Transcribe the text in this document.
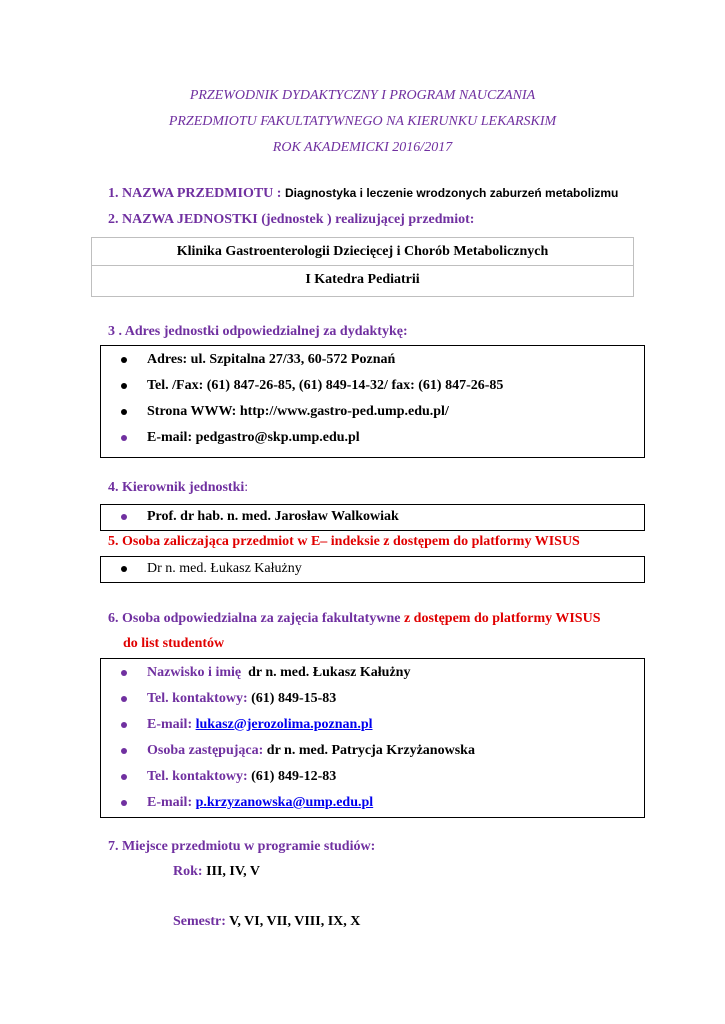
PRZEWODNIK DYDAKTYCZNY I PROGRAM NAUCZANIA
PRZEDMIOTU FAKULTATYWNEGO NA KIERUNKU LEKARSKIM
ROK AKADEMICKI 2016/2017
1. NAZWA PRZEDMIOTU : Diagnostyka i leczenie wrodzonych zaburzeń metabolizmu
2. NAZWA JEDNOSTKI (jednostek ) realizującej przedmiot:
Klinika Gastroenterologii Dziecięcej i Chorób Metabolicznych
I Katedra Pediatrii
3 . Adres jednostki odpowiedzialnej za dydaktykę:
Adres: ul. Szpitalna 27/33, 60-572 Poznań
Tel. /Fax: (61) 847-26-85, (61) 849-14-32/ fax: (61) 847-26-85
Strona WWW: http://www.gastro-ped.ump.edu.pl/
E-mail: pedgastro@skp.ump.edu.pl
4. Kierownik jednostki:
Prof. dr hab. n. med. Jarosław Walkowiak
5. Osoba zaliczająca przedmiot w E– indeksie z dostępem do platformy WISUS
Dr n. med. Łukasz Kałużny
6. Osoba odpowiedzialna za zajęcia fakultatywne z dostępem do platformy WISUS
do list studentów
Nazwisko i imię dr n. med. Łukasz Kałużny
Tel. kontaktowy: (61) 849-15-83
E-mail: lukasz@jerozolima.poznan.pl
Osoba zastępująca: dr n. med. Patrycja Krzyżanowska
Tel. kontaktowy: (61) 849-12-83
E-mail: p.krzyzanowska@ump.edu.pl
7. Miejsce przedmiotu w programie studiów:
Rok: III, IV, V
Semestr: V, VI, VII, VIII, IX, X
